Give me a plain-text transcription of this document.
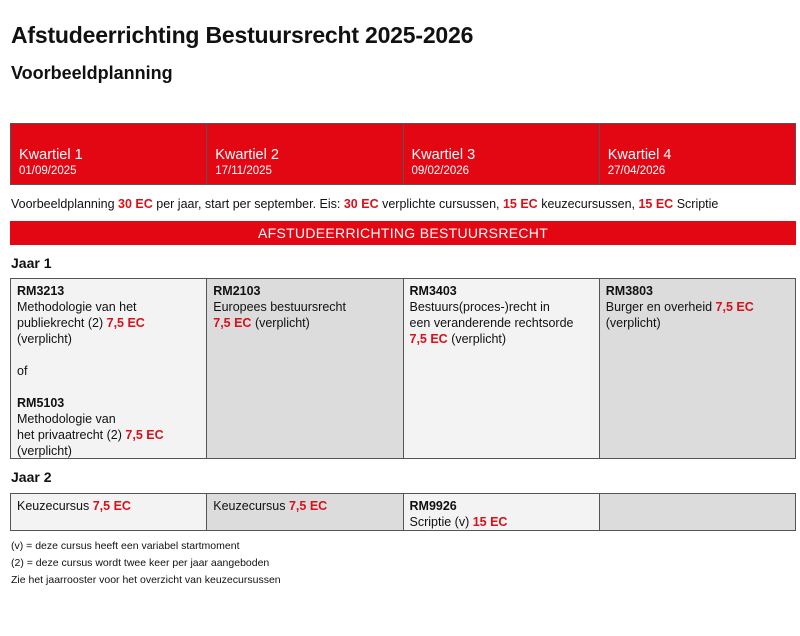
Afstudeerrichting Bestuursrecht 2025-2026
Voorbeeldplanning
Kwartiel 1
01/09/2025
Kwartiel 2
17/11/2025
Kwartiel 3
09/02/2026
Kwartiel 4
27/04/2026
Voorbeeldplanning 30 EC per jaar, start per september. Eis: 30 EC verplichte cursussen, 15 EC keuzecursussen, 15 EC Scriptie
AFSTUDEERRICHTING BESTUURSRECHT
Jaar 1
RM3213
Methodologie van het
publiekrecht (2) 7,5 EC
(verplicht)
of
RM5103
Methodologie van
het privaatrecht (2) 7,5 EC
(verplicht)
RM2103
Europees bestuursrecht
7,5 EC (verplicht)
RM3403
Bestuurs(proces-)recht in
een veranderende rechtsorde
7,5 EC (verplicht)
RM3803
Burger en overheid 7,5 EC
(verplicht)
Jaar 2
Keuzecursus 7,5 EC	Keuzecursus 7,5 EC	RM9926
Scriptie (v) 15 EC
(v) = deze cursus heeft een variabel startmoment
(2) = deze cursus wordt twee keer per jaar aangeboden
Zie het jaarrooster voor het overzicht van keuzecursussen
